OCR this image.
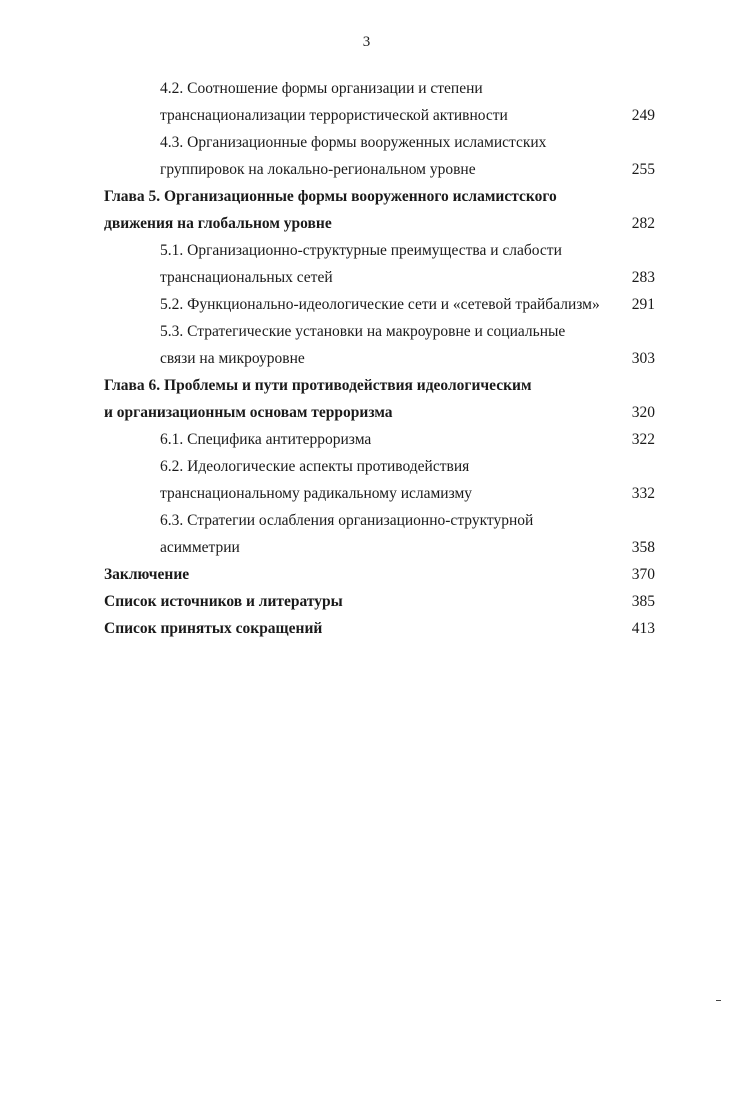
3
4.2. Соотношение формы организации и степени
транснационализации террористической активности	249
4.3. Организационные формы вооруженных исламистских
группировок на локально-региональном уровне	255
Глава 5. Организационные формы вооруженного исламистского
движения на глобальном уровне	282
5.1. Организационно-структурные преимущества и слабости
транснациональных сетей	283
5.2. Функционально-идеологические сети и «сетевой трайбализм» 291
5.3. Стратегические установки на макроуровне и социальные
связи на микроуровне	303
Глава 6. Проблемы и пути противодействия идеологическим
и организационным основам терроризма	320
6.1. Специфика антитерроризма	322
6.2. Идеологические аспекты противодействия
транснациональному радикальному исламизму	332
6.3. Стратегии ослабления организационно-структурной
асимметрии	358
Заключение	370
Список источников и литературы	385
Список принятых сокращений	413
